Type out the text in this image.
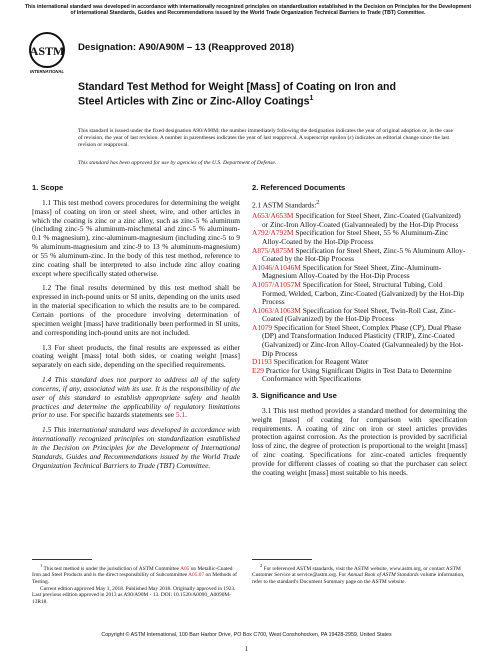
This international standard was developed in accordance with internationally recognized principles on standardization established in the Decision on Principles for the Development of International Standards, Guides and Recommendations issued by the World Trade Organization Technical Barriers to Trade (TBT) Committee.
ASTM
INTERNATIONAL
Designation: A90/A90M – 13 (Reapproved 2018)
Standard Test Method for Weight [Mass] of Coating on Iron and Steel Articles with Zinc or Zinc-Alloy Coatings$^1$
This standard is issued under the fixed designation A90/A90M; the number immediately following the designation indicates the year of original adoption or, in the case of revision, the year of last revision. A number in parentheses indicates the year of last reapproval. A superscript epsilon (ε) indicates an editorial change since the last revision or reapproval.
This standard has been approved for use by agencies of the U.S. Department of Defense.
1. Scope

1.1 This test method covers procedures for determining the weight [mass] of coating on iron or steel sheet, wire, and other articles in which the coating is zinc or a zinc alloy, such as zinc-5 % aluminum (including zinc-5 % aluminum-mischmetal and zinc-5 % aluminum-0.1 % magnesium), zinc-aluminum-magnesium (including zinc-5 to 9 % aluminum-magnesium and zinc-9 to 13 % aluminum-magnesium) or 55 % aluminum-zinc. In the body of this test method, reference to zinc coating shall be interpreted to also include zinc alloy coating except where specifically stated otherwise.

1.2 The final results determined by this test method shall be expressed in inch-pound units or SI units, depending on the units used in the material specification to which the results are to be compared. Certain portions of the procedure involving determination of specimen weight [mass] have traditionally been performed in SI units, and corresponding inch-pound units are not included.

1.3 For sheet products, the final results are expressed as either coating weight [mass] total both sides, or coating weight [mass] separately on each side, depending on the specified requirements.

1.4 This standard does not purport to address all of the safety concerns, if any, associated with its use. It is the responsibility of the user of this standard to establish appropriate safety and health practices and determine the applicability of regulatory limitations prior to use. For specific hazards statements see 5.1.

1.5 This international standard was developed in accordance with internationally recognized principles on standardization established in the Decision on Principles for the Development of International Standards, Guides and Recommendations issued by the World Trade Organization Technical Barriers to Trade (TBT) Committee.

2. Referenced Documents

2.1 ASTM Standards:$^2$

A653/A653M Specification for Steel Sheet, Zinc-Coated (Galvanized) or Zinc-Iron Alloy-Coated (Galvannealed) by the Hot-Dip Process

A792/A792M Specification for Steel Sheet, 55 % Aluminum-Zinc Alloy-Coated by the Hot-Dip Process

A875/A875M Specification for Steel Sheet, Zinc-5 % Aluminum Alloy-Coated by the Hot-Dip Process

A1046/A1046M Specification for Steel Sheet, Zinc-Aluminum-Magnesium Alloy-Coated by the Hot-Dip Process

A1057/A1057M Specification for Steel, Structural Tubing, Cold Formed, Welded, Carbon, Zinc-Coated (Galvanized) by the Hot-Dip Process

A1063/A1063M Specification for Steel Sheet, Twin-Roll Cast, Zinc-Coated (Galvanized) by the Hot-Dip Process

A1079 Specification for Steel Sheet, Complex Phase (CP), Dual Phase (DP) and Transformation Induced Plasticity (TRIP), Zinc-Coated (Galvanized) or Zinc-Iron Alloy-Coated (Galvannealed) by the Hot-Dip Process

D1193 Specification for Reagent Water

E29 Practice for Using Significant Digits in Test Data to Determine Conformance with Specifications

3. Significance and Use

3.1 This test method provides a standard method for determining the weight [mass] of coating for comparison with specification requirements. A coating of zinc on iron or steel articles provides protection against corrosion. As the protection is provided by sacrificial loss of zinc, the degree of protection is proportional to the weight [mass] of zinc coating. Specifications for zinc-coated articles frequently provide for different classes of coating so that the purchaser can select the coating weight [mass] most suitable to his needs.

$^1$ This test method is under the jurisdiction of ASTM Committee A05 on Metallic-Coated Iron and Steel Products and is the direct responsibility of Subcommittee A05.07 on Methods of Testing.
Current edition approved May 1, 2018. Published May 2018. Originally approved in 1923. Last previous edition approved in 2013 as A90/A90M - 13. DOI: 10.1520/A0090_A0090M-13R18.
$^2$ For referenced ASTM standards, visit the ASTM website, www.astm.org, or contact ASTM Customer Service at service@astm.org. For Annual Book of ASTM Standards volume information, refer to the standard's Document Summary page on the ASTM website.
Copyright © ASTM International, 100 Barr Harbor Drive, PO Box C700, West Conshohocken, PA 19428-2959. United States
1
